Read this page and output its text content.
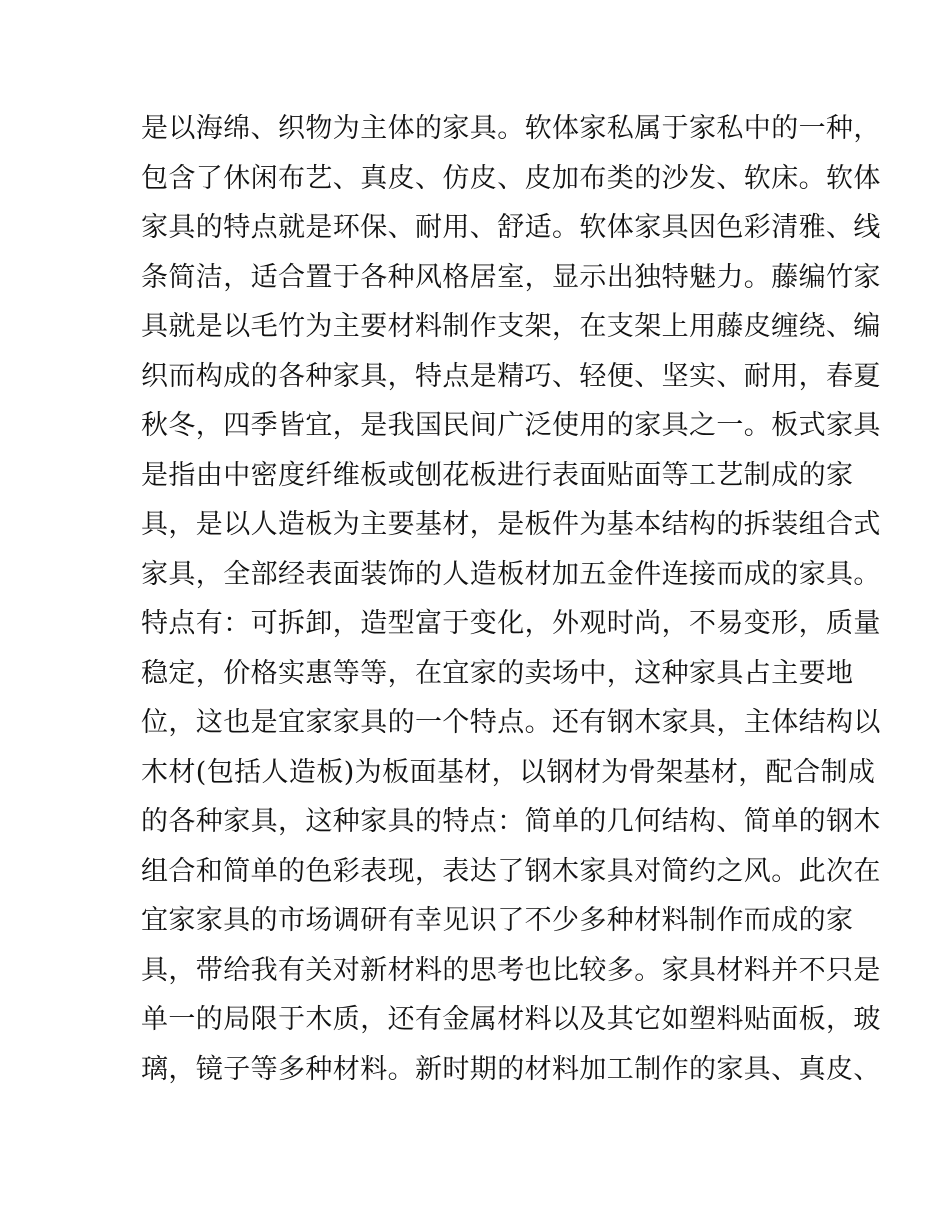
是以海绵、织物为主体的家具。软体家私属于家私中的一种，
包含了休闲布艺、真皮、仿皮、皮加布类的沙发、软床。软体
家具的特点就是环保、耐用、舒适。软体家具因色彩清雅、线
条简洁，适合置于各种风格居室，显示出独特魅力。藤编竹家
具就是以毛竹为主要材料制作支架，在支架上用藤皮缠绕、编
织而构成的各种家具，特点是精巧、轻便、坚实、耐用，春夏
秋冬，四季皆宜，是我国民间广泛使用的家具之一。板式家具
是指由中密度纤维板或刨花板进行表面贴面等工艺制成的家
具，是以人造板为主要基材，是板件为基本结构的拆装组合式
家具，全部经表面装饰的人造板材加五金件连接而成的家具。
特点有：可拆卸，造型富于变化，外观时尚，不易变形，质量
稳定，价格实惠等等，在宜家的卖场中，这种家具占主要地
位，这也是宜家家具的一个特点。还有钢木家具，主体结构以
木材(包括人造板)为板面基材，以钢材为骨架基材，配合制成
的各种家具，这种家具的特点：简单的几何结构、简单的钢木
组合和简单的色彩表现，表达了钢木家具对简约之风。此次在
宜家家具的市场调研有幸见识了不少多种材料制作而成的家
具，带给我有关对新材料的思考也比较多。家具材料并不只是
单一的局限于木质，还有金属材料以及其它如塑料贴面板，玻
璃，镜子等多种材料。新时期的材料加工制作的家具、真皮、
